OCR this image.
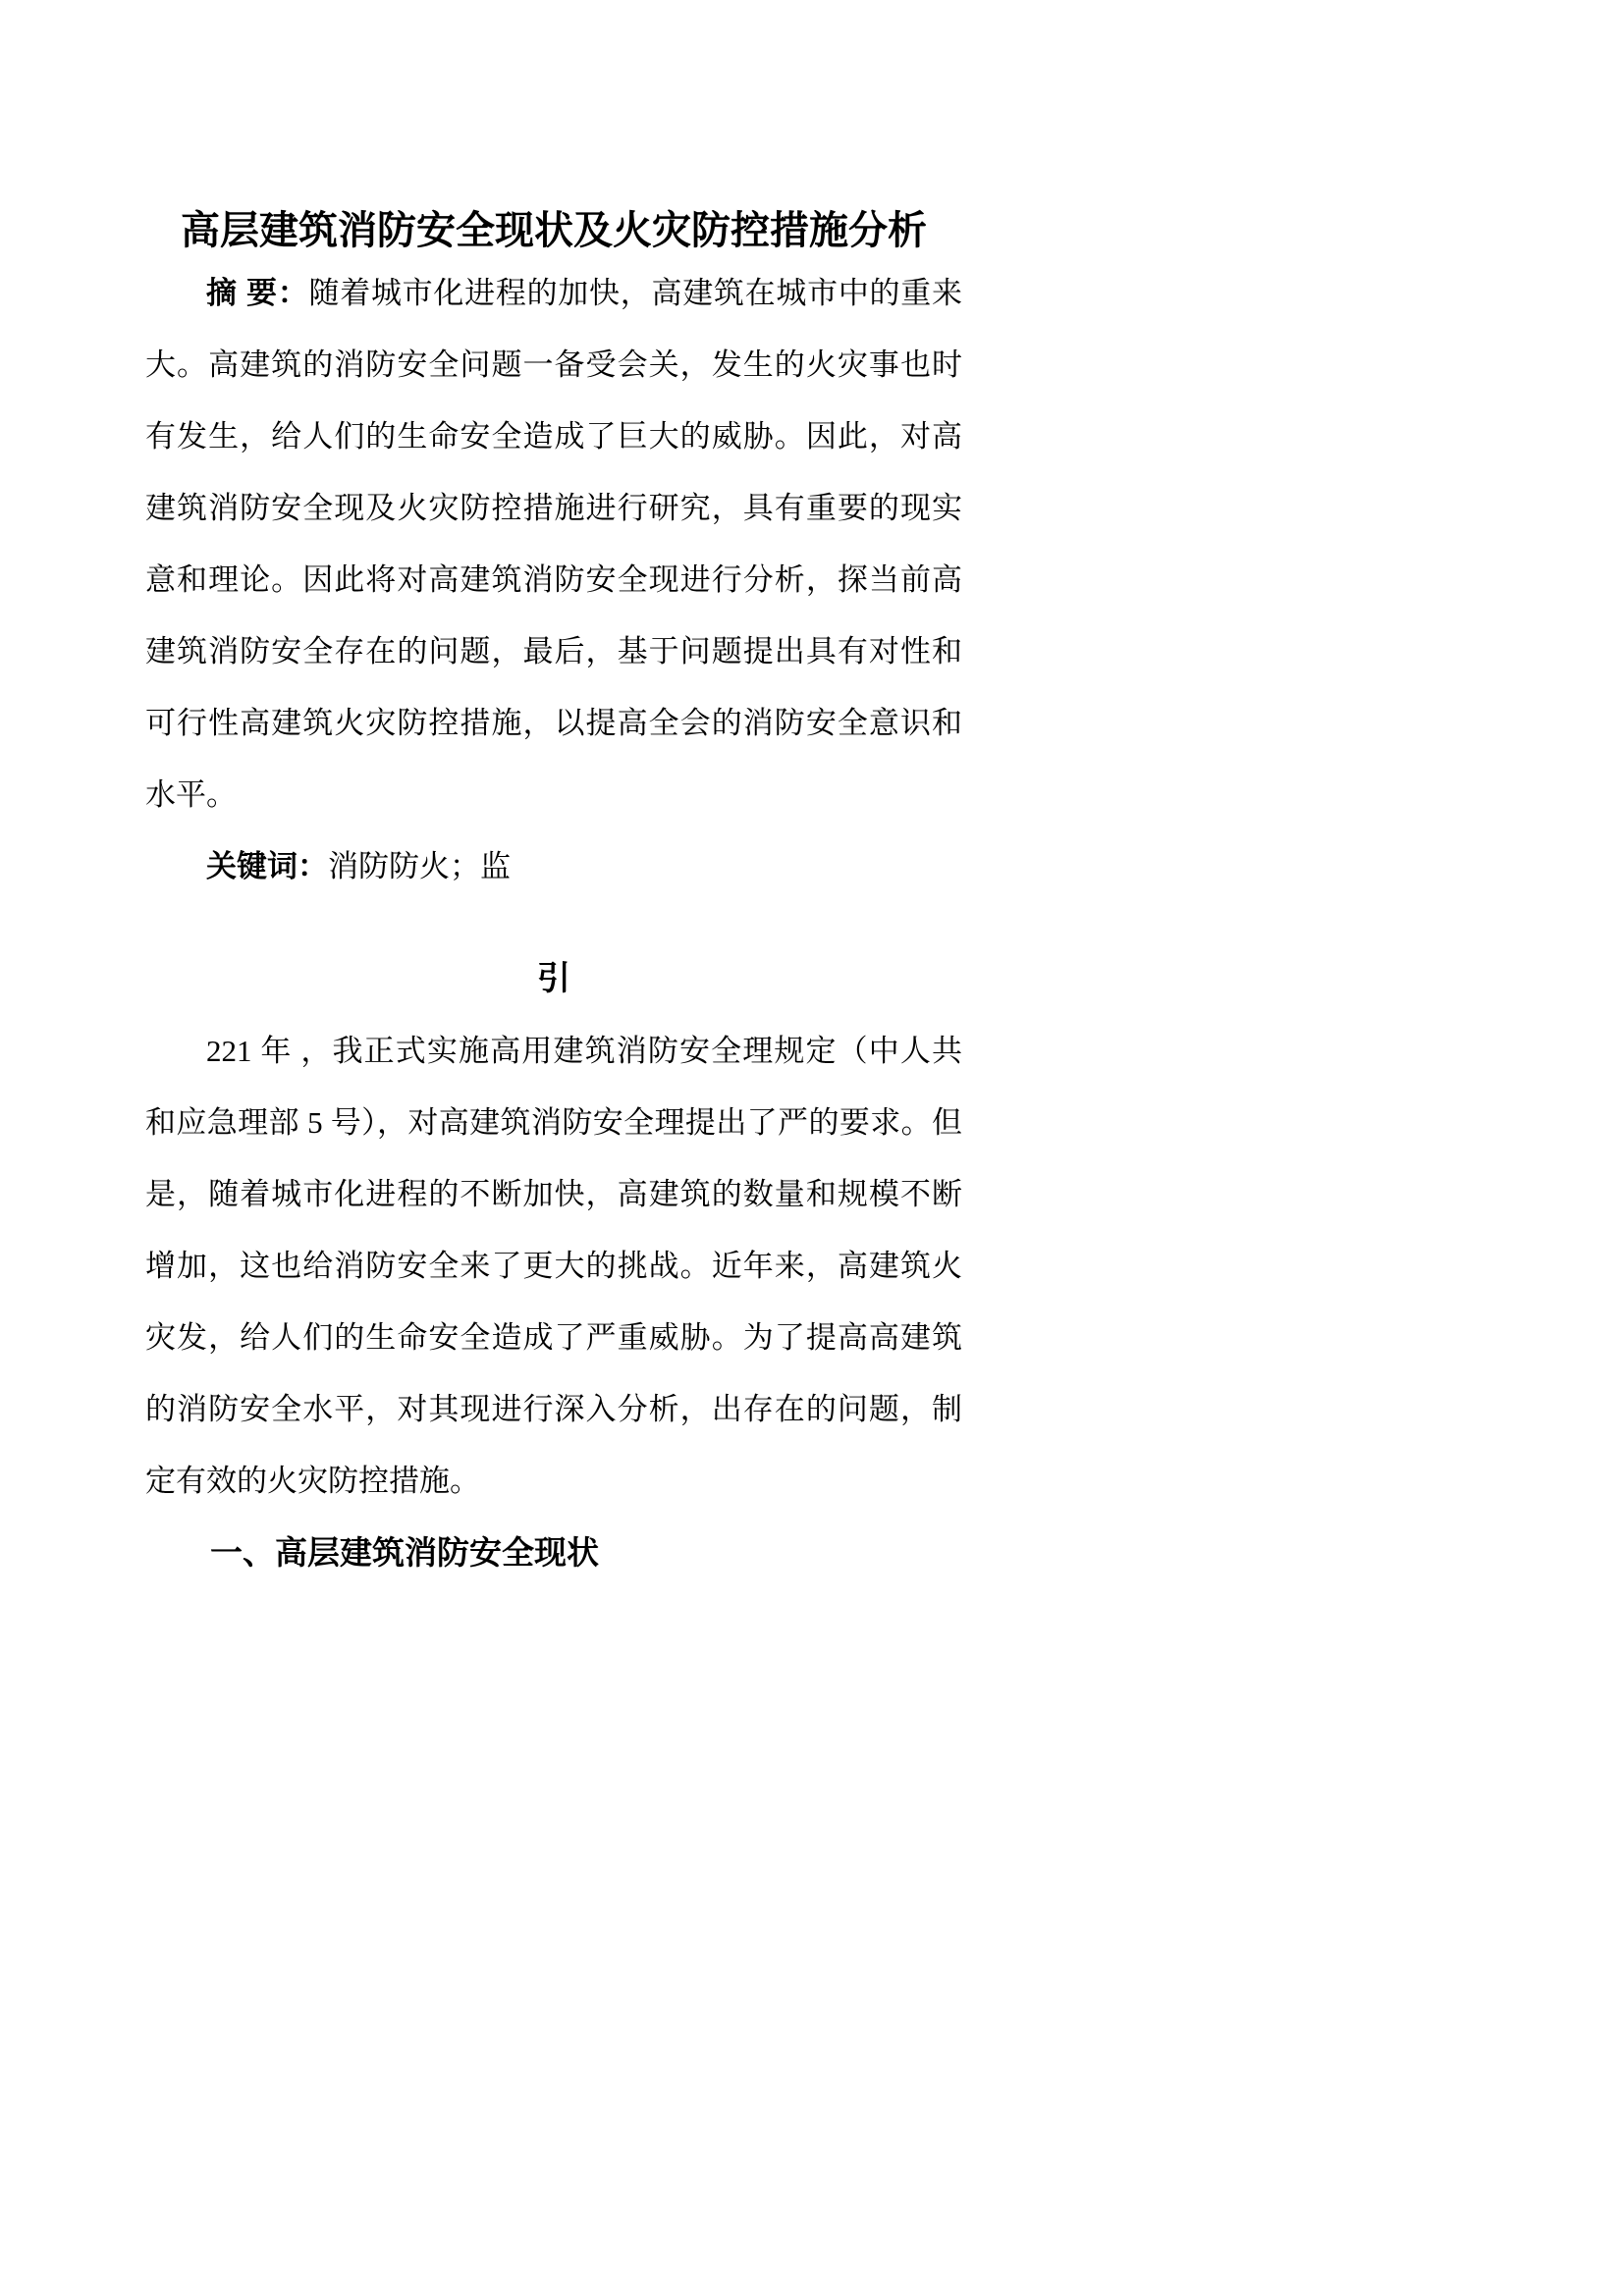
高层建筑消防安全现状及火灾防控措施分析

摘 要：随着城市化进程的加快，高建筑在城市中的重来大。高建筑的消防安全问题一备受会关，发生的火灾事也时有发生，给人们的生命安全造成了巨大的威胁。因此，对高建筑消防安全现及火灾防控措施进行研究，具有重要的现实意和理论。因此将对高建筑消防安全现进行分析，探当前高建筑消防安全存在的问题，最后，基于问题提出具有对性和可行性高建筑火灾防控措施，以提高全会的消防安全意识和水平。

关键词：消防防火；监

引

221 年 ，我正式实施高用建筑消防安全理规定（中人共和应急理部 5 号），对高建筑消防安全理提出了严的要求。但是，随着城市化进程的不断加快，高建筑的数量和规模不断增加，这也给消防安全来了更大的挑战。近年来，高建筑火灾发，给人们的生命安全造成了严重威胁。为了提高高建筑的消防安全水平，对其现进行深入分析，出存在的问题，制定有效的火灾防控措施。

一、高层建筑消防安全现状
